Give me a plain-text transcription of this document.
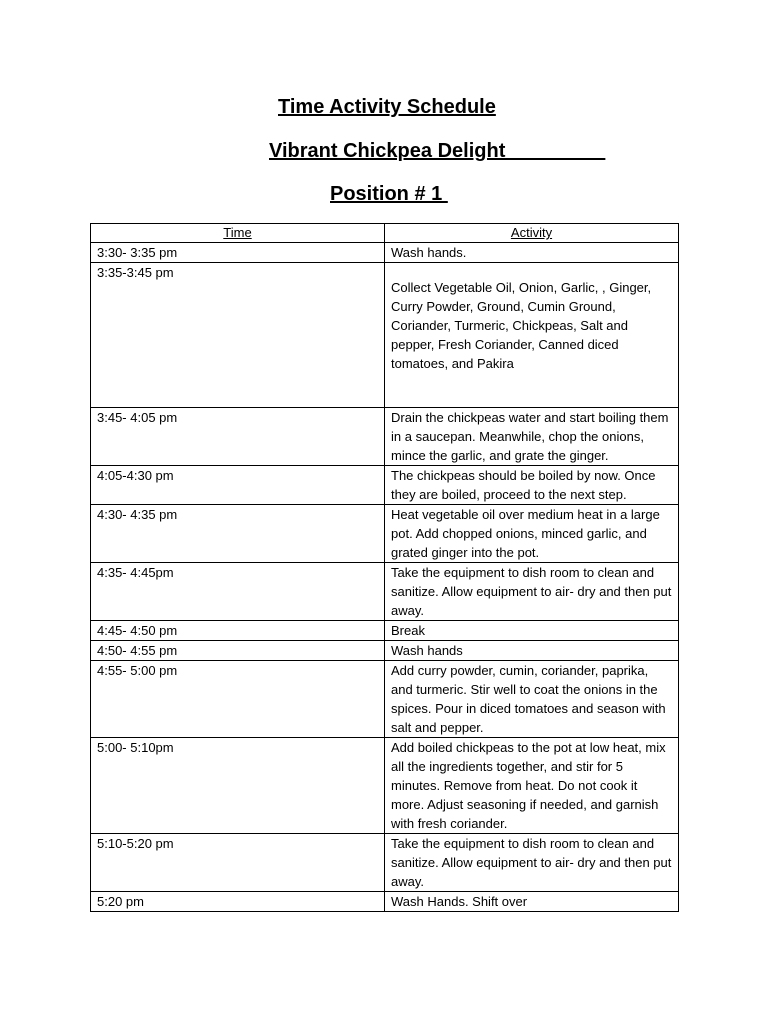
Time Activity Schedule
Vibrant Chickpea Delight
Position # 1
Time	Activity
3:30- 3:35 pm	Wash hands.
3:35-3:45 pm	Collect Vegetable Oil, Onion, Garlic, , Ginger, Curry Powder, Ground, Cumin Ground, Coriander, Turmeric, Chickpeas, Salt and pepper, Fresh Coriander, Canned diced tomatoes, and Pakira

3:45- 4:05 pm	Drain the chickpeas water and start boiling them in a saucepan. Meanwhile, chop the onions, mince the garlic, and grate the ginger.
4:05-4:30 pm	The chickpeas should be boiled by now. Once they are boiled, proceed to the next step.
4:30- 4:35 pm	Heat vegetable oil over medium heat in a large pot. Add chopped onions, minced garlic, and grated ginger into the pot.
4:35- 4:45pm	Take the equipment to dish room to clean and sanitize. Allow equipment to air- dry and then put away.
4:45- 4:50 pm	Break
4:50- 4:55 pm	Wash hands
4:55- 5:00 pm	Add curry powder, cumin, coriander, paprika, and turmeric. Stir well to coat the onions in the spices. Pour in diced tomatoes and season with salt and pepper.
5:00- 5:10pm	Add boiled chickpeas to the pot at low heat, mix all the ingredients together, and stir for 5 minutes. Remove from heat. Do not cook it more. Adjust seasoning if needed, and garnish with fresh coriander.
5:10-5:20 pm	Take the equipment to dish room to clean and sanitize. Allow equipment to air- dry and then put away.
5:20 pm	Wash Hands. Shift over
